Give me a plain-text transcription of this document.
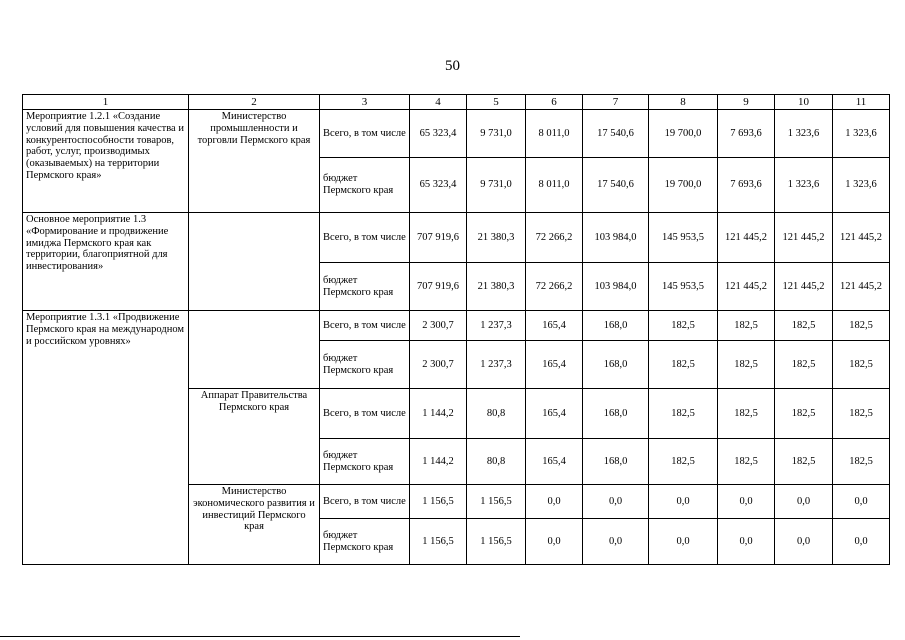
50
1	2	3	4	5	6	7	8	9	10	11
Мероприятие 1.2.1 «Создание условий для повышения качества и конкурентоспособности товаров, работ, услуг, производимых (оказываемых) на территории Пермского края»	Министерство промышленности и торговли Пермского края	Всего, в том числе	65 323,4	9 731,0	8 011,0	17 540,6	19 700,0	7 693,6	1 323,6	1 323,6
		бюджет Пермского края	65 323,4	9 731,0	8 011,0	17 540,6	19 700,0	7 693,6	1 323,6	1 323,6
Основное мероприятие 1.3 «Формирование и продвижение имиджа Пермского края как территории, благоприятной для инвестирования»		Всего, в том числе	707 919,6	21 380,3	72 266,2	103 984,0	145 953,5	121 445,2	121 445,2	121 445,2
		бюджет Пермского края	707 919,6	21 380,3	72 266,2	103 984,0	145 953,5	121 445,2	121 445,2	121 445,2
Мероприятие 1.3.1 «Продвижение Пермского края на международном и российском уровнях»		Всего, в том числе	2 300,7	1 237,3	165,4	168,0	182,5	182,5	182,5	182,5
		бюджет Пермского края	2 300,7	1 237,3	165,4	168,0	182,5	182,5	182,5	182,5
	Аппарат Правительства Пермского края	Всего, в том числе	1 144,2	80,8	165,4	168,0	182,5	182,5	182,5	182,5
		бюджет Пермского края	1 144,2	80,8	165,4	168,0	182,5	182,5	182,5	182,5
	Министерство экономического развития и инвестиций Пермского края	Всего, в том числе	1 156,5	1 156,5	0,0	0,0	0,0	0,0	0,0	0,0
		бюджет Пермского края	1 156,5	1 156,5	0,0	0,0	0,0	0,0	0,0	0,0
